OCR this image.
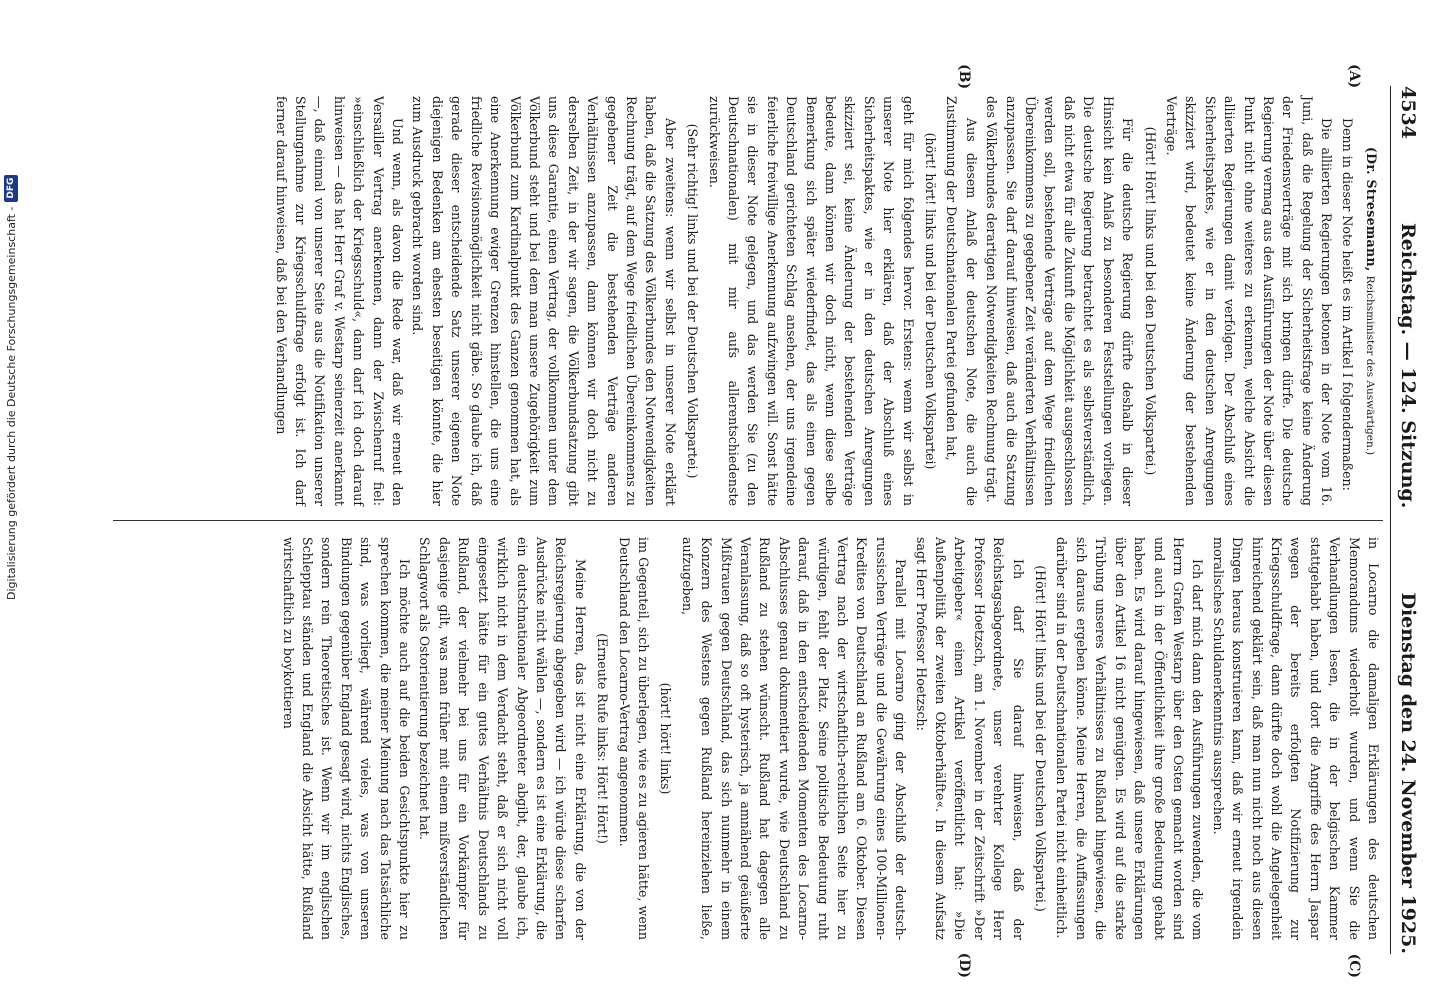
4534
Reichstag. — 124. Sitzung.
Dienstag den 24. November 1925.
(A)
(B)

(Dr. Stresemann, Reichsminister des Auswärtigen.)

Denn in dieser Note heißt es im Artikel I folgendermaßen:

Die alliierten Regierungen betonen in der Note vom 16. Juni, daß die Regelung der Sicherheitsfrage keine Änderung der Friedensverträge mit sich bringen dürfe. Die deutsche Regierung vermag aus den Ausführungen der Note über diesen Punkt nicht ohne weiteres zu erkennen, welche Absicht die alliierten Regierungen damit verfolgen. Der Abschluß eines Sicherheitspaktes, wie er in den deutschen Anregungen skizziert wird, bedeutet keine Änderung der bestehenden Verträge.

(Hört! Hört! links und bei den Deutschen Volkspartei.)

Für die deutsche Regierung dürfte deshalb in dieser Hinsicht kein Anlaß zu besonderen Feststellungen vorliegen. Die deutsche Regierung betrachtet es als selbstverständlich, daß nicht etwa für alle Zukunft die Möglichkeit ausgeschlossen werden soll, bestehende Verträge auf dem Wege friedlichen Übereinkommens zu gegebener Zeit veränderten Verhältnissen anzupassen. Sie darf darauf hinweisen, daß auch die Satzung des Völkerbundes derartigen Notwendigkeiten Rechnung trägt.

Aus diesem Anlaß der deutschen Note, die auch die Zustimmung der Deutschnationalen Partei gefunden hat,

(hört! hört! links und bei der Deutschen Volkspartei)

geht für mich folgendes hervor. Erstens: wenn wir selbst in unserer Note hier erklären, daß der Abschluß eines Sicherheitspaktes, wie er in den deutschen Anregungen skizziert sei, keine Änderung der bestehenden Verträge bedeute, dann können wir doch nicht, wenn diese selbe Bemerkung sich später wiederfindet, das als einen gegen Deutschland gerichteten Schlag ansehen, der uns irgendeine feierliche freiwillige Anerkennung aufzwingen will. Sonst hätte sie in dieser Note gelegen, und das werden Sie (zu den Deutschnationalen) mit mir aufs allerentschiedenste zurückweisen.

(Sehr richtig! links und bei der Deutschen Volkspartei.)

Aber zweitens: wenn wir selbst in unserer Note erklärt haben, daß die Satzung des Völkerbundes den Notwendigkeiten Rechnung trägt, auf dem Wege friedlichen Übereinkommens zu gegebener Zeit die bestehenden Verträge anderen Verhältnissen anzupassen, dann können wir doch nicht zu derselben Zeit, in der wir sagen, die Völkerbundsatzung gibt uns diese Garantie, einen Vertrag, der vollkommen unter dem Völkerbund steht und bei dem man unsere Zugehörigkeit zum Völkerbund zum Kardinalpunkt des Ganzen genommen hat, als eine Anerkennung ewiger Grenzen hinstellen, die uns eine friedliche Revisionsmöglichkeit nicht gäbe. So glaube ich, daß gerade dieser entscheidende Satz unserer eigenen Note diejenigen Bedenken am ehesten beseitigen könnte, die hier zum Ausdruck gebracht worden sind.

Und wenn, als davon die Rede war, daß wir erneut den Versailler Vertrag anerkennen, dann der Zwischenruf fiel: »einschließlich der Kriegsschuld«, dann darf ich doch darauf hinweisen — das hat Herr Graf v. Westarp seinerzeit anerkannt —, daß einmal von unserer Seite aus die Notifikation unserer Stellungnahme zur Kriegsschuldfrage erfolgt ist. Ich darf ferner darauf hinweisen, daß bei den Verhandlungen

(C)
(D)

in Locarno die damaligen Erklärungen des deutschen Memorandums wiederholt wurden, und wenn Sie die Verhandlungen lesen, die in der belgischen Kammer stattgehabt haben, und dort die Angriffe des Herrn Jaspar wegen der bereits erfolgten Notifizierung zur Kriegsschuldfrage, dann dürfte doch wohl die Angelegenheit hinreichend geklärt sein, daß man nun nicht noch aus diesen Dingen heraus konstruieren kann, daß wir erneut irgendein moralisches Schuldanerkenntnis aussprechen.

Ich darf mich dann den Ausführungen zuwenden, die vom Herrn Grafen Westarp über den Osten gemacht worden sind und auch in der Öffentlichkeit ihre große Bedeutung gehabt haben. Es wird darauf hingewiesen, daß unsere Erklärungen über den Artikel 16 nicht genügten. Es wird auf die starke Trübung unseres Verhältnisses zu Rußland hingewiesen, die sich daraus ergeben könne. Meine Herren, die Auffassungen darüber sind in der Deutschnationalen Partei nicht einheitlich.

(Hört! Hört! links und bei der Deutschen Volkspartei.)

Ich darf Sie darauf hinweisen, daß der Reichstagsabgeordnete, unser verehrter Kollege Herr Professor Hoetzsch, am 1. November in der Zeitschrift »Der Arbeitgeber« einen Artikel veröffentlicht hat: »Die Außenpolitik der zweiten Oktoberhälfte«. In diesem Aufsatz sagt Herr Professor Hoetzsch:

Parallel mit Locarno ging der Abschluß der deutsch-russischen Verträge und die Gewährung eines 100-Millionen-Kredites von Deutschland an Rußland am 6. Oktober. Diesen Vertrag nach der wirtschaftlich-rechtlichen Seite hier zu würdigen, fehlt der Platz. Seine politische Bedeutung ruht darauf, daß in den entscheidenden Momenten des Locarno-Abschlusses genau dokumentiert wurde, wie Deutschland zu Rußland zu stehen wünscht. Rußland hat dagegen alle Veranlassung, daß so oft hysterisch, ja amnähend geäußerte Mißtrauen gegen Deutschland, das sich nunmehr in einem Konzern des Westens gegen Rußland hereinziehen ließe, aufzugeben,

(hört! hört! links)

im Gegenteil, sich zu überlegen, wie es zu agieren hätte, wenn Deutschland den Locarno-Vertrag angenommen.

(Erneute Rufe links: Hört! Hört!)

Meine Herren, das ist nicht eine Erklärung, die von der Reichsregierung abgegeben wird — ich würde diese scharfen Ausdrücke nicht wählen —, sondern es ist eine Erklärung, die ein deutschnationaler Abgeordneter abgibt, der, glaube ich, wirklich nicht in dem Verdacht steht, daß er sich nicht voll eingesetzt hätte für ein gutes Verhältnis Deutschlands zu Rußland, der vielmehr bei uns für ein Vorkämpfer für dasjenige gilt, was man früher mit einem mißverständlichen Schlagwort als Ostorientierung bezeichnet hat.

Ich möchte auch auf die beiden Gesichtspunkte hier zu sprechen kommen, die meiner Meinung nach das Tatsächliche sind, was vorliegt, während vieles, was von unseren Bindungen gegenüber England gesagt wird, nichts Englisches, sondern rein Theoretisches ist. Wenn wir im englischen Schlepptau ständen und England die Absicht hätte, Rußland wirtschaftlich zu boykottieren

Digitalisierung gefördert durch die Deutsche Forschungsgemeinschaft -
DFG
